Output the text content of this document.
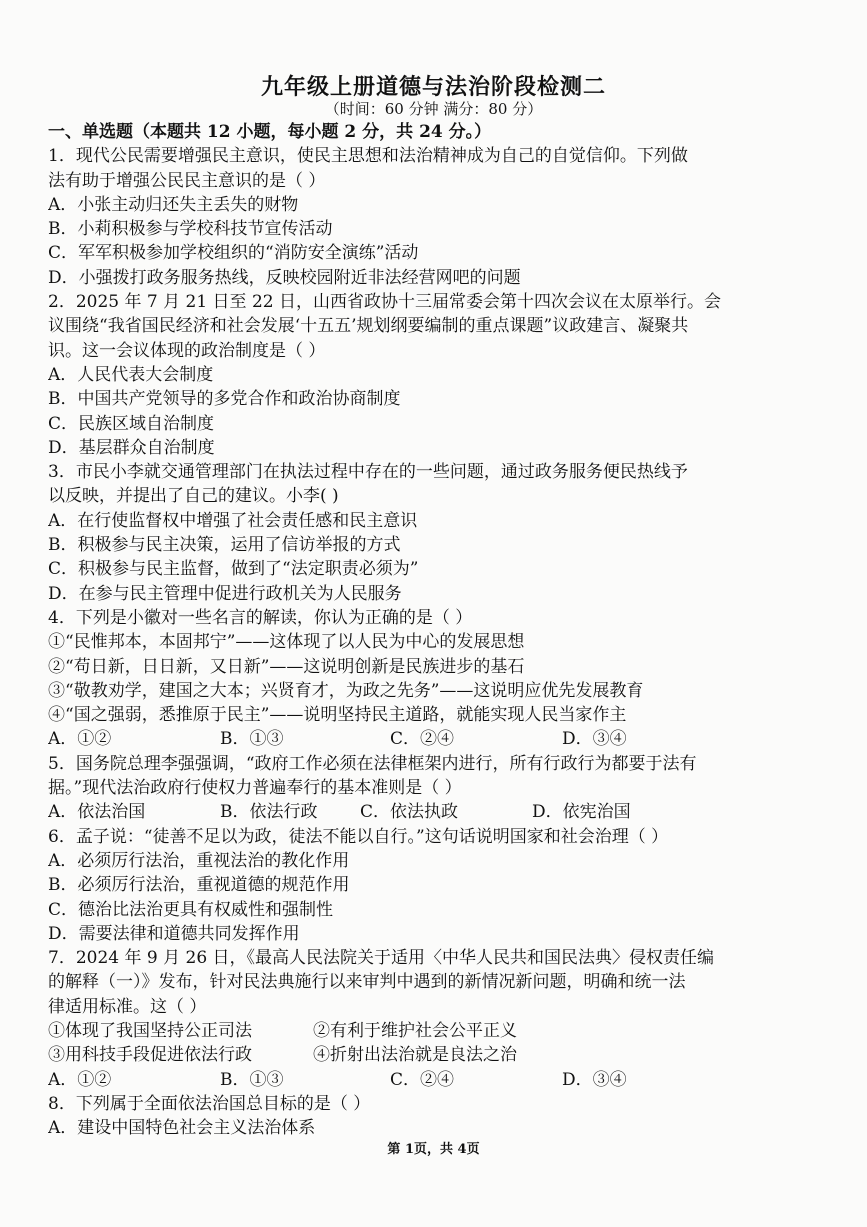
九年级上册道德与法治阶段检测二
（时间：60 分钟 满分：80 分）
一、单选题（本题共 12 小题，每小题 2 分，共 24 分。）
1．现代公民需要增强民主意识，使民主思想和法治精神成为自己的自觉信仰。下列做
法有助于增强公民民主意识的是（ ）
A．小张主动归还失主丢失的财物
B．小莉积极参与学校科技节宣传活动
C．军军积极参加学校组织的“消防安全演练”活动
D．小强拨打政务服务热线，反映校园附近非法经营网吧的问题
2．2025 年 7 月 21 日至 22 日，山西省政协十三届常委会第十四次会议在太原举行。会
议围绕“我省国民经济和社会发展‘十五五’规划纲要编制的重点课题”议政建言、凝聚共
识。这一会议体现的政治制度是（ ）
A．人民代表大会制度
B．中国共产党领导的多党合作和政治协商制度
C．民族区域自治制度
D．基层群众自治制度
3．市民小李就交通管理部门在执法过程中存在的一些问题，通过政务服务便民热线予
以反映，并提出了自己的建议。小李( )
A．在行使监督权中增强了社会责任感和民主意识
B．积极参与民主决策，运用了信访举报的方式
C．积极参与民主监督，做到了“法定职责必须为”
D．在参与民主管理中促进行政机关为人民服务
4．下列是小徽对一些名言的解读，你认为正确的是（ ）
①“民惟邦本，本固邦宁”——这体现了以人民为中心的发展思想
②“苟日新，日日新，又日新”——这说明创新是民族进步的基石
③“敬教劝学，建国之大本；兴贤育才，为政之先务”——这说明应优先发展教育
④“国之强弱，悉推原于民主”——说明坚持民主道路，就能实现人民当家作主
A．①②	B．①③	C．②④	D．③④
5．国务院总理李强强调，“政府工作必须在法律框架内进行，所有行政行为都要于法有
据。”现代法治政府行使权力普遍奉行的基本准则是（ ）
A．依法治国	B．依法行政	C．依法执政	D．依宪治国
6．孟子说：“徒善不足以为政，徒法不能以自行。”这句话说明国家和社会治理（ ）
A．必须厉行法治，重视法治的教化作用
B．必须厉行法治，重视道德的规范作用
C．德治比法治更具有权威性和强制性
D．需要法律和道德共同发挥作用
7．2024 年 9 月 26 日，《最高人民法院关于适用〈中华人民共和国民法典〉侵权责任编
的解释（一）》发布，针对民法典施行以来审判中遇到的新情况新问题，明确和统一法
律适用标准。这（ ）
①体现了我国坚持公正司法	②有利于维护社会公平正义
③用科技手段促进依法行政	④折射出法治就是良法之治
A．①②	B．①③	C．②④	D．③④
8．下列属于全面依法治国总目标的是（ ）
A．建设中国特色社会主义法治体系
第 1页，共 4页
